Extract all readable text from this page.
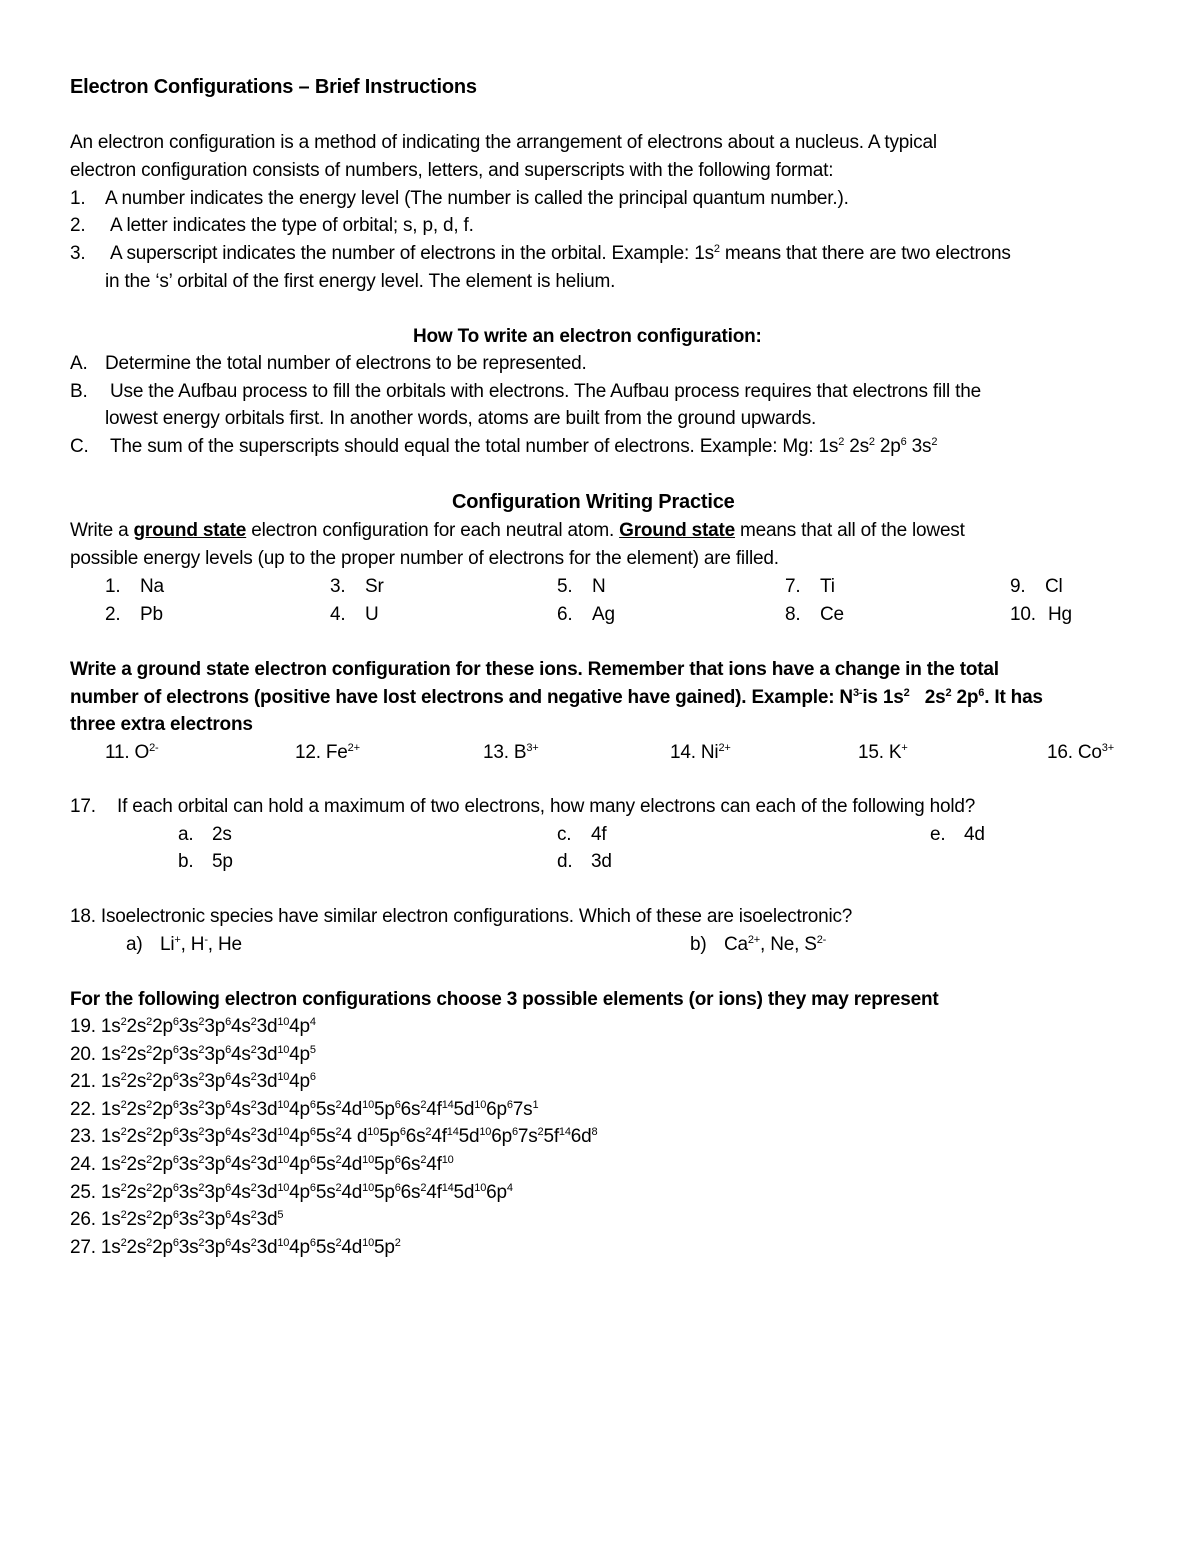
Electron Configurations – Brief Instructions
An electron configuration is a method of indicating the arrangement of electrons about a nucleus. A typical
electron configuration consists of numbers, letters, and superscripts with the following format:
1. A number indicates the energy level (The number is called the principal quantum number.).
2. A letter indicates the type of orbital; s, p, d, f.
3. A superscript indicates the number of electrons in the orbital. Example: $1s^2$ means that there are two electrons
in the ‘s’ orbital of the first energy level. The element is helium.
How To write an electron configuration:
A. Determine the total number of electrons to be represented.
B. Use the Aufbau process to fill the orbitals with electrons. The Aufbau process requires that electrons fill the
lowest energy orbitals first. In another words, atoms are built from the ground upwards.
C. The sum of the superscripts should equal the total number of electrons. Example: Mg: $1s^2$ $2s^2$ $2p^6$ $3s^2$
Configuration Writing Practice
Write a ground state electron configuration for each neutral atom. Ground state means that all of the lowest
possible energy levels (up to the proper number of electrons for the element) are filled.
1. Na	3. Sr	5. N	7. Ti	9. Cl
2. Pb	4. U	6. Ag	8. Ce	10. Hg
Write a ground state electron configuration for these ions. Remember that ions have a change in the total
number of electrons (positive have lost electrons and negative have gained). Example: $N^{3-}is$ $1s^2$ $2s^2$ $2p^6$. It has
three extra electrons
11. $O^{2-}$	12. $Fe^{2+}$	13. $B^{3+}$	14. $Ni^{2+}$	15. K+	16. $Co^{3+}$
17. If each orbital can hold a maximum of two electrons, how many electrons can each of the following hold?
a. 2s	c. 4f	e. 4d
b. 5p	d. 3d
18. Isoelectronic species have similar electron configurations. Which of these are isoelectronic?
a) Li+, H-, He	b) $Ca^{2+}$, Ne, $S^{2-}$
For the following electron configurations choose 3 possible elements (or ions) they may represent
19. $1s^22s^22p^63s^23p^64s^23d^{10}4p^4$
20. $1s^22s^22p^63s^23p^64s^23d^{10}4p^5$
21. $1s^22s^22p^63s^23p^64s^23d^{10}4p^6$
22. $1s^22s^22p^63s^23p^64s^23d^{10}4p^65s^24d^{10}5p^66s^24f^{14}5d^{10}6p^67s^1$
23. $1s^22s^22p^63s^23p^64s^23d^{10}4p^65s^24$ $d^{10}5p^66s^24f^{14}5d^{10}6p^67s^25f^{14}6d^8$
24. $1s^22s^22p^63s^23p^64s^23d^{10}4p^65s^24d^{10}5p^66s^24f^{10}$
25. $1s^22s^22p^63s^23p^64s^23d^{10}4p^65s^24d^{10}5p^66s^24f^{14}5d^{10}6p^4$
26. $1s^22s^22p^63s^23p^64s^23d^5$
27. $1s^22s^22p^63s^23p^64s^23d^{10}4p^65s^24d^{10}5p^2$
